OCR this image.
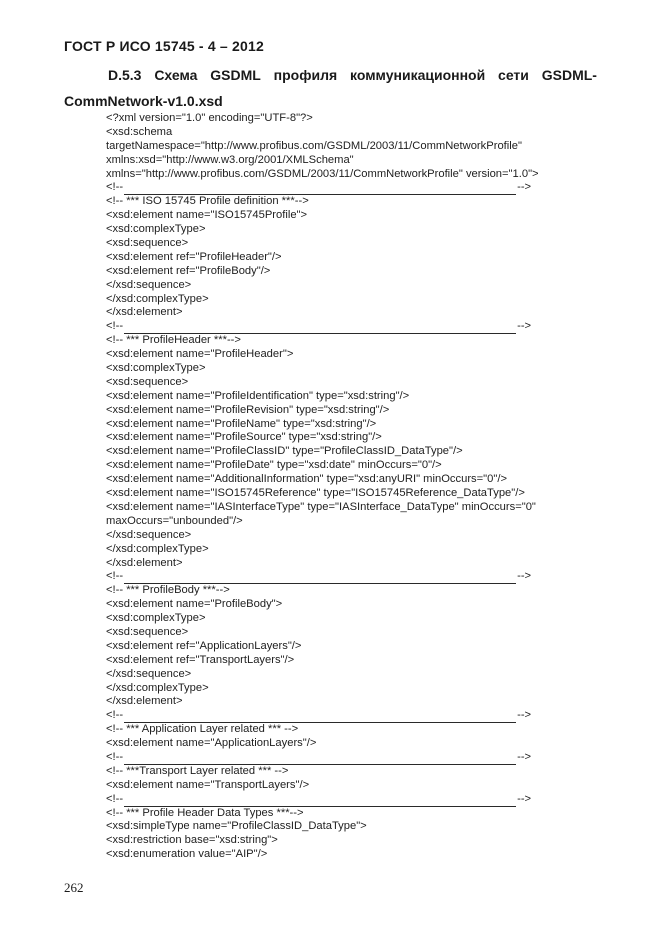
ГОСТ Р ИСО 15745 - 4 – 2012
D.5.3 Схема GSDML профиля коммуникационной сети GSDML-
CommNetwork-v1.0.xsd
<?xml version="1.0" encoding="UTF-8"?>
<xsd:schema
targetNamespace="http://www.profibus.com/GSDML/2003/11/CommNetworkProfile"
xmlns:xsd="http://www.w3.org/2001/XMLSchema"
xmlns="http://www.profibus.com/GSDML/2003/11/CommNetworkProfile" version="1.0">
<!--	-->
<!-- *** ISO 15745 Profile definition ***-->
<xsd:element name="ISO15745Profile">
<xsd:complexType>
<xsd:sequence>
<xsd:element ref="ProfileHeader"/>
<xsd:element ref="ProfileBody"/>
</xsd:sequence>
</xsd:complexType>
</xsd:element>
<!--	-->
<!-- *** ProfileHeader ***-->
<xsd:element name="ProfileHeader">
<xsd:complexType>
<xsd:sequence>
<xsd:element name="ProfileIdentification" type="xsd:string"/>
<xsd:element name="ProfileRevision" type="xsd:string"/>
<xsd:element name="ProfileName" type="xsd:string"/>
<xsd:element name="ProfileSource" type="xsd:string"/>
<xsd:element name="ProfileClassID" type="ProfileClassID_DataType"/>
<xsd:element name="ProfileDate" type="xsd:date" minOccurs="0"/>
<xsd:element name="AdditionalInformation" type="xsd:anyURI" minOccurs="0"/>
<xsd:element name="ISO15745Reference" type="ISO15745Reference_DataType"/>
<xsd:element name="IASInterfaceType" type="IASInterface_DataType" minOccurs="0"
maxOccurs="unbounded"/>
</xsd:sequence>
</xsd:complexType>
</xsd:element>
<!--	-->
<!-- *** ProfileBody ***-->
<xsd:element name="ProfileBody">
<xsd:complexType>
<xsd:sequence>
<xsd:element ref="ApplicationLayers"/>
<xsd:element ref="TransportLayers"/>
</xsd:sequence>
</xsd:complexType>
</xsd:element>
<!--	-->
<!-- *** Application Layer related *** -->
<xsd:element name="ApplicationLayers"/>
<!--	-->
<!-- ***Transport Layer related *** -->
<xsd:element name="TransportLayers"/>
<!--	-->
<!-- *** Profile Header Data Types ***-->
<xsd:simpleType name="ProfileClassID_DataType">
<xsd:restriction base="xsd:string">
<xsd:enumeration value="AIP"/>
262
